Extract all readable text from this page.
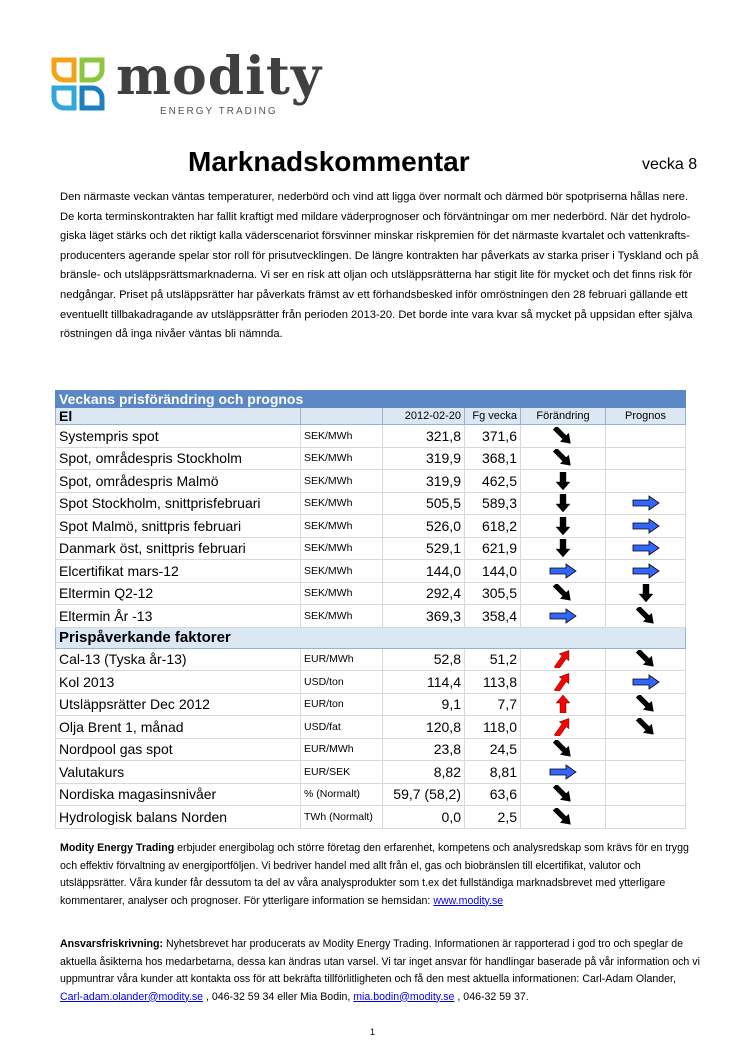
modity
ENERGY TRADING
Marknadskommentar	vecka 8
Den närmaste veckan väntas temperaturer, nederbörd och vind att ligga över normalt och därmed bör spotpriserna hållas nere. De korta terminskontrakten har fallit kraftigt med mildare väderprognoser och förväntningar om mer nederbörd. När det hydrolo-giska läget stärks och det riktigt kalla väderscenariot försvinner minskar riskpremien för det närmaste kvartalet och vattenkrafts-producenters agerande spelar stor roll för prisutvecklingen. De längre kontrakten har påverkats av starka priser i Tyskland och på bränsle- och utsläppsrättsmarknaderna. Vi ser en risk att oljan och utsläppsrätterna har stigit lite för mycket och det finns risk för nedgångar. Priset på utsläppsrätter har påverkats främst av ett förhandsbesked inför omröstningen den 28 februari gällande ett eventuellt tillbakadragande av utsläppsrätter från perioden 2013-20. Det borde inte vara kvar så mycket på uppsidan efter själva röstningen då inga nivåer väntas bli nämnda.
Veckans prisförändring och prognos					
El		2012-02-20	Fg vecka	Förändring	Prognos
Systempris spot	SEK/MWh	321,8	371,6		
Spot, områdespris Stockholm	SEK/MWh	319,9	368,1		
Spot, områdespris Malmö	SEK/MWh	319,9	462,5		
Spot Stockholm, snittprisfebruari	SEK/MWh	505,5	589,3		
Spot Malmö, snittpris februari	SEK/MWh	526,0	618,2		
Danmark öst, snittpris februari	SEK/MWh	529,1	621,9		
Elcertifikat mars-12	SEK/MWh	144,0	144,0		
Eltermin Q2-12	SEK/MWh	292,4	305,5		
Eltermin År -13	SEK/MWh	369,3	358,4		
Prispåverkande faktorer					
Cal-13 (Tyska år-13)	EUR/MWh	52,8	51,2		
Kol 2013	USD/ton	114,4	113,8		
Utsläppsrätter Dec 2012	EUR/ton	9,1	7,7		
Olja Brent 1, månad	USD/fat	120,8	118,0		
Nordpool gas spot	EUR/MWh	23,8	24,5		
Valutakurs	EUR/SEK	8,82	8,81		
Nordiska magasinsnivåer	% (Normalt)	59,7 (58,2)	63,6		
Hydrologisk balans Norden	TWh (Normalt)	0,0	2,5		
Modity Energy Trading erbjuder energibolag och större företag den erfarenhet, kompetens och analysredskap som krävs för en trygg och effektiv förvaltning av energiportföljen. Vi bedriver handel med allt från el, gas och biobränslen till elcertifikat, valutor och utsläppsrätter. Våra kunder får dessutom ta del av våra analysprodukter som t.ex det fullständiga marknadsbrevet med ytterligare kommentarer, analyser och prognoser. För ytterligare information se hemsidan: www.modity.se
Ansvarsfriskrivning: Nyhetsbrevet har producerats av Modity Energy Trading. Informationen är rapporterad i god tro och speglar de aktuella åsikterna hos medarbetarna, dessa kan ändras utan varsel. Vi tar inget ansvar för handlingar baserade på vår information och vi uppmuntrar våra kunder att kontakta oss för att bekräfta tillförlitligheten och få den mest aktuella informationen: Carl-Adam Olander, Carl-adam.olander@modity.se , 046-32 59 34 eller Mia Bodin, mia.bodin@modity.se , 046-32 59 37.
1
